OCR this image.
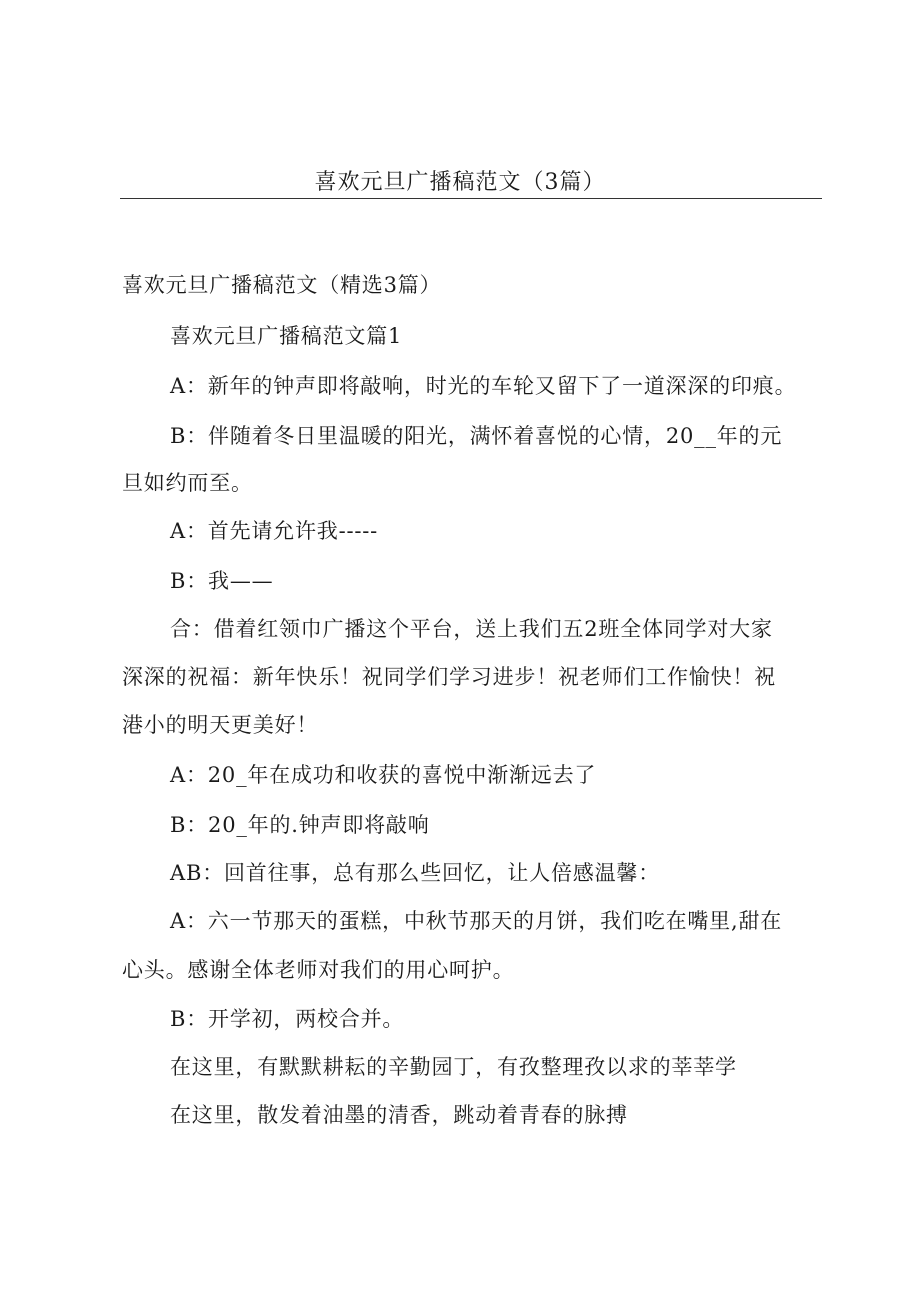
喜欢元旦广播稿范文（3篇）

喜欢元旦广播稿范文（精选3篇）

喜欢元旦广播稿范文篇1

A：新年的钟声即将敲响，时光的车轮又留下了一道深深的印痕。

B：伴随着冬日里温暖的阳光，满怀着喜悦的心情，20__年的元

旦如约而至。

A：首先请允许我-----

B：我——

合：借着红领巾广播这个平台，送上我们五2班全体同学对大家

深深的祝福：新年快乐！祝同学们学习进步！祝老师们工作愉快！祝

港小的明天更美好！

A：20_年在成功和收获的喜悦中渐渐远去了

B：20_年的.钟声即将敲响

AB：回首往事，总有那么些回忆，让人倍感温馨：

A：六一节那天的蛋糕，中秋节那天的月饼，我们吃在嘴里,甜在

心头。感谢全体老师对我们的用心呵护。

B：开学初，两校合并。

在这里，有默默耕耘的辛勤园丁，有孜整理孜以求的莘莘学

在这里，散发着油墨的清香，跳动着青春的脉搏
